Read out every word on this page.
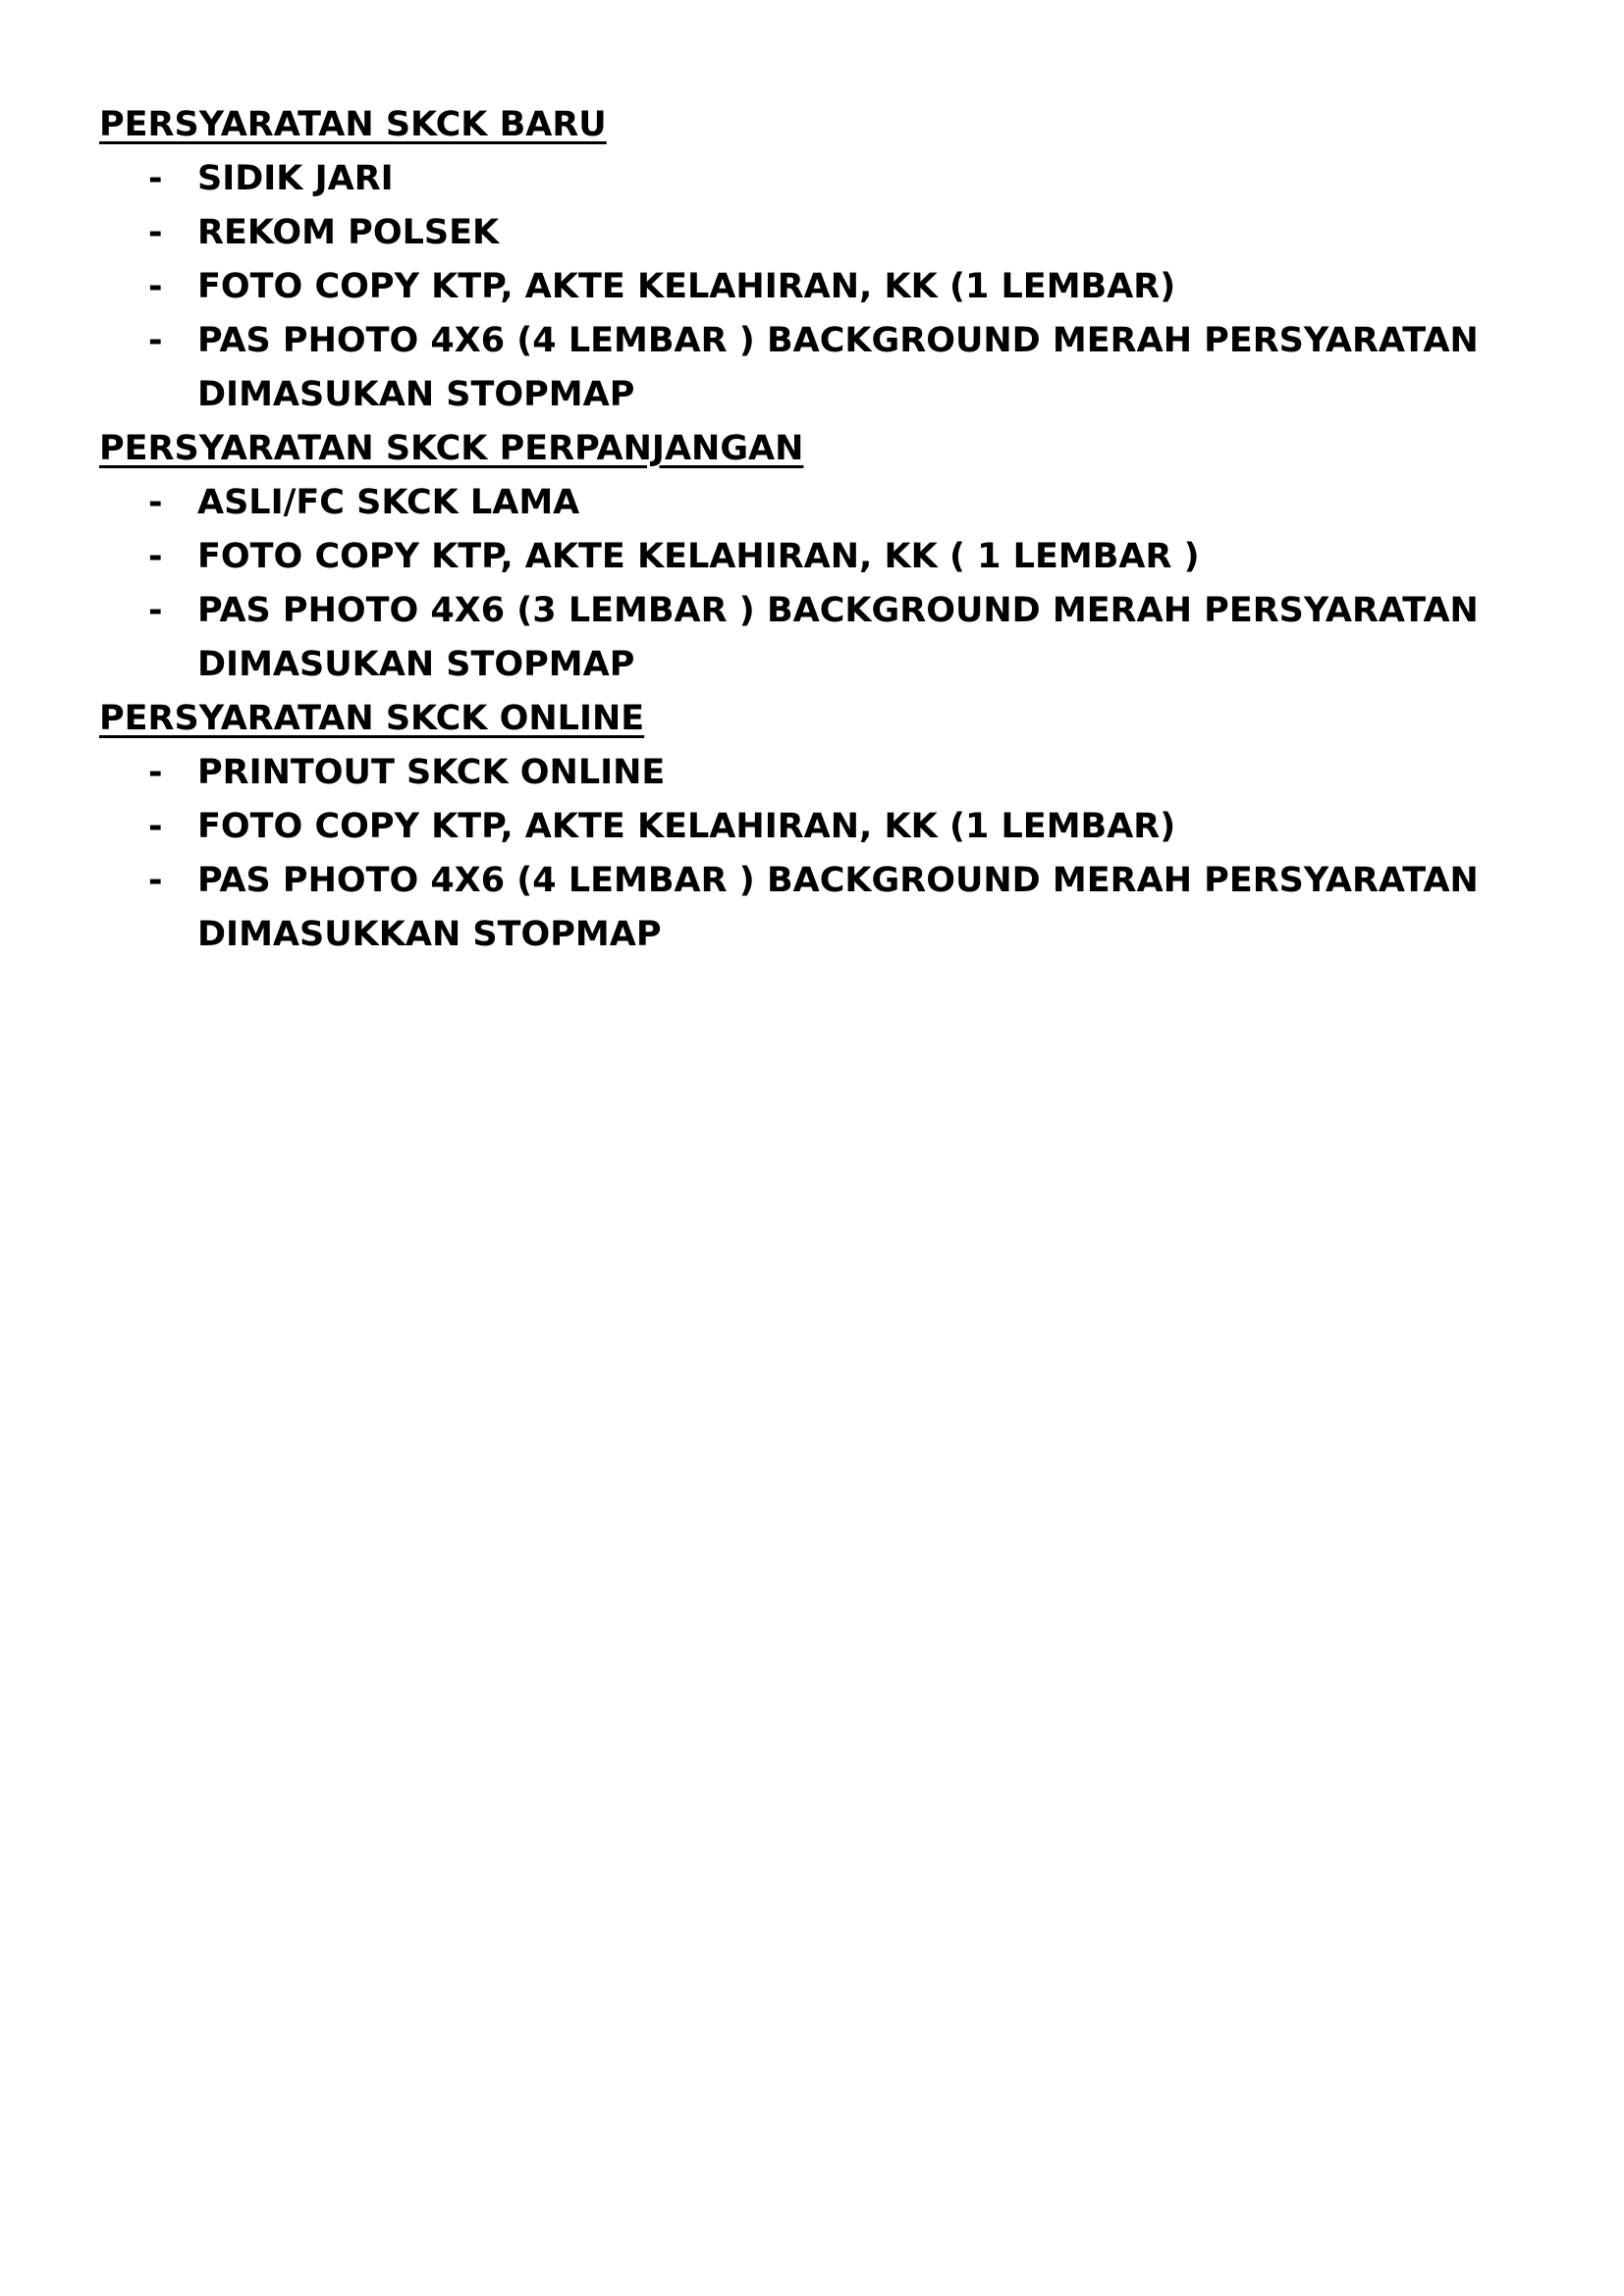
PERSYARATAN SKCK BARU
- SIDIK JARI
- REKOM POLSEK
- FOTO COPY KTP, AKTE KELAHIRAN, KK (1 LEMBAR)
- PAS PHOTO 4X6 (4 LEMBAR ) BACKGROUND MERAH PERSYARATAN DIMASUKAN STOPMAP
PERSYARATAN SKCK PERPANJANGAN
- ASLI/FC SKCK LAMA
- FOTO COPY KTP, AKTE KELAHIRAN, KK ( 1 LEMBAR )
- PAS PHOTO 4X6 (3 LEMBAR ) BACKGROUND MERAH PERSYARATAN DIMASUKAN STOPMAP
PERSYARATAN SKCK ONLINE
- PRINTOUT SKCK ONLINE
- FOTO COPY KTP, AKTE KELAHIRAN, KK (1 LEMBAR)
- PAS PHOTO 4X6 (4 LEMBAR ) BACKGROUND MERAH PERSYARATAN DIMASUKKAN STOPMAP
